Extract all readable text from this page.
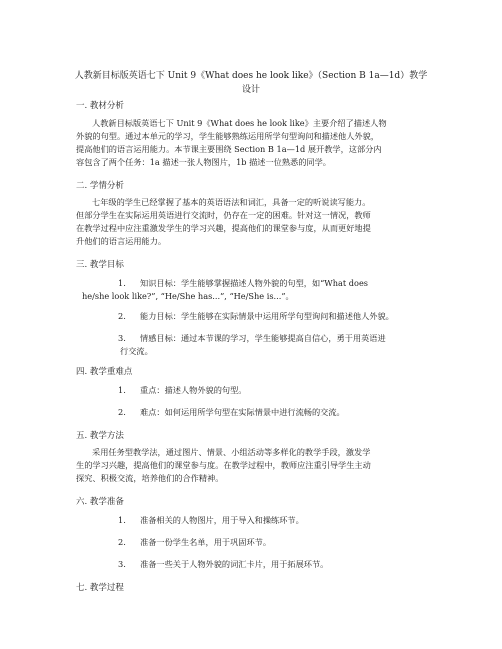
人教新目标版英语七下 Unit 9《What does he look like》（Section B 1a—1d）教学
设计
一. 教材分析
人教新目标版英语七下 Unit 9《What does he look like》主要介绍了描述人物
外貌的句型。通过本单元的学习，学生能够熟练运用所学句型询问和描述他人外貌，
提高他们的语言运用能力。本节课主要围绕 Section B 1a—1d 展开教学，这部分内
容包含了两个任务：1a 描述一张人物图片，1b 描述一位熟悉的同学。
二. 学情分析
七年级的学生已经掌握了基本的英语语法和词汇，具备一定的听说读写能力。
但部分学生在实际运用英语进行交流时，仍存在一定的困难。针对这一情况，教师
在教学过程中应注重激发学生的学习兴趣，提高他们的课堂参与度，从而更好地提
升他们的语言运用能力。
三. 教学目标
1. 知识目标：学生能够掌握描述人物外貌的句型，如“What does
he/she look like?”, “He/She has...”, “He/She is...”。
2. 能力目标：学生能够在实际情景中运用所学句型询问和描述他人外貌。
3. 情感目标：通过本节课的学习，学生能够提高自信心，勇于用英语进
行交流。
四. 教学重难点
1. 重点：描述人物外貌的句型。
2. 难点：如何运用所学句型在实际情景中进行流畅的交流。
五. 教学方法
采用任务型教学法，通过图片、情景、小组活动等多样化的教学手段，激发学
生的学习兴趣，提高他们的课堂参与度。在教学过程中，教师应注重引导学生主动
探究、积极交流，培养他们的合作精神。
六. 教学准备
1. 准备相关的人物图片，用于导入和操练环节。
2. 准备一份学生名单，用于巩固环节。
3. 准备一些关于人物外貌的词汇卡片，用于拓展环节。
七. 教学过程
